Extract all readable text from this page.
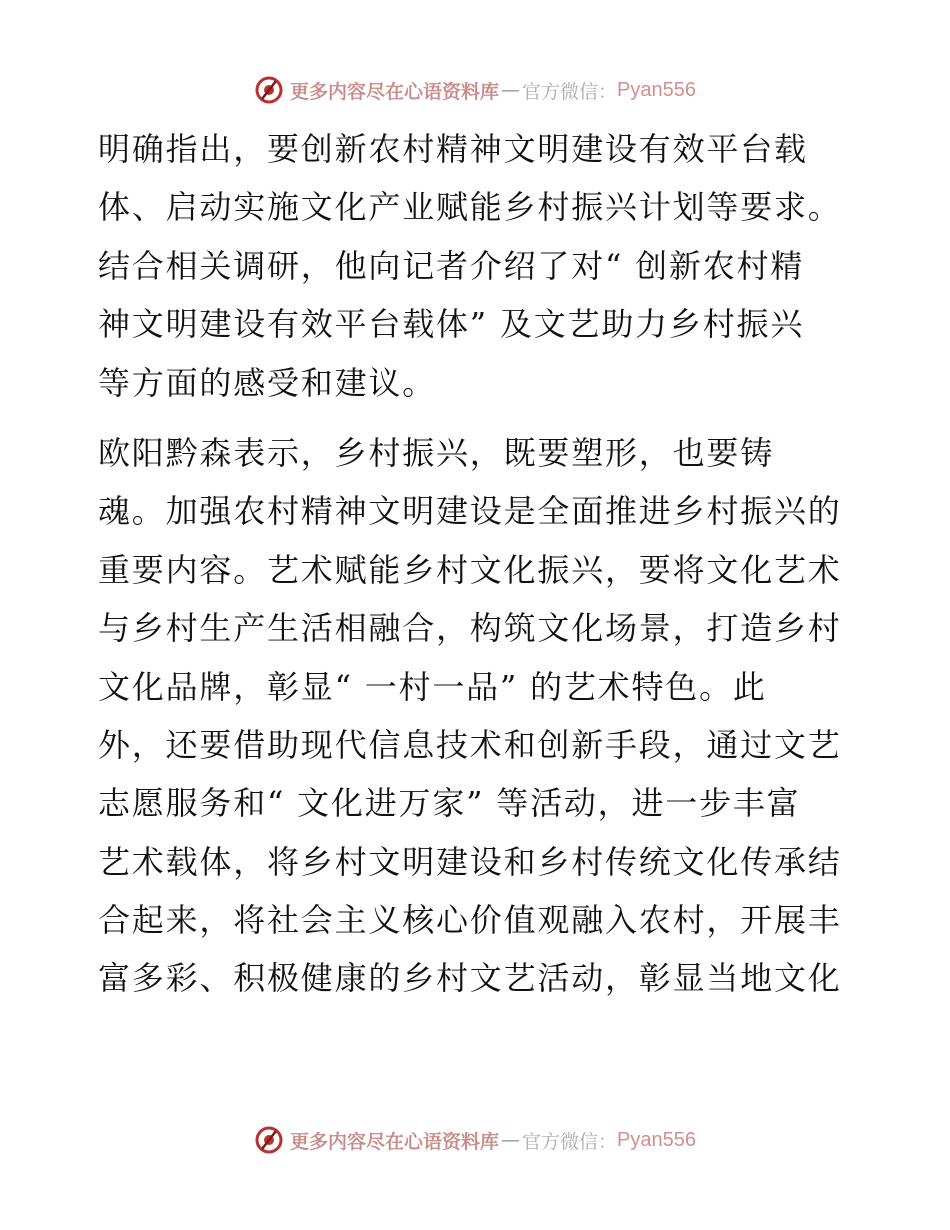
更多内容尽在心语资料库 — 官方微信： Pyan556
明确指出，要创新农村精神文明建设有效平台载
体、启动实施文化产业赋能乡村振兴计划等要求。
结合相关调研，他向记者介绍了对“ 创新农村精
神文明建设有效平台载体” 及文艺助力乡村振兴
等方面的感受和建议。
欧阳黔森表示，乡村振兴，既要塑形，也要铸
魂。加强农村精神文明建设是全面推进乡村振兴的
重要内容。艺术赋能乡村文化振兴，要将文化艺术
与乡村生产生活相融合，构筑文化场景，打造乡村
文化品牌，彰显“ 一村一品” 的艺术特色。此
外，还要借助现代信息技术和创新手段，通过文艺
志愿服务和“ 文化进万家” 等活动，进一步丰富
艺术载体，将乡村文明建设和乡村传统文化传承结
合起来，将社会主义核心价值观融入农村，开展丰
富多彩、积极健康的乡村文艺活动，彰显当地文化
更多内容尽在心语资料库 — 官方微信： Pyan556
